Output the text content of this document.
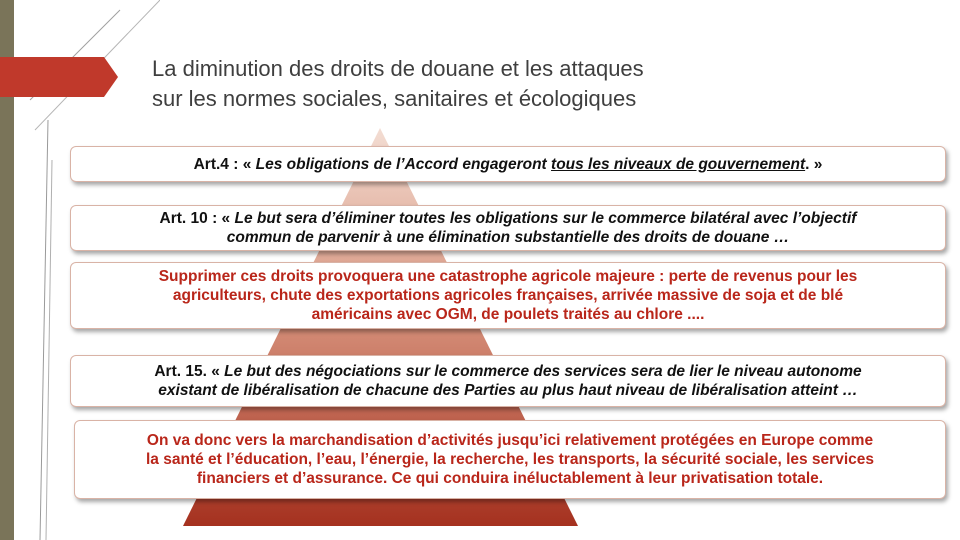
La diminution des droits de douane et les attaques
sur les normes sociales, sanitaires et écologiques
Art.4 : « Les obligations de l’Accord engageront tous les niveaux de gouvernement. »
Art. 10 : « Le but sera d’éliminer toutes les obligations sur le commerce bilatéral avec l’objectif
commun de parvenir à une élimination substantielle des droits de douane …
Supprimer ces droits provoquera une catastrophe agricole majeure : perte de revenus pour les
agriculteurs, chute des exportations agricoles françaises, arrivée massive de soja et de blé
américains avec OGM, de poulets traités au chlore ....
Art. 15. « Le but des négociations sur le commerce des services sera de lier le niveau autonome
existant de libéralisation de chacune des Parties au plus haut niveau de libéralisation atteint …
On va donc vers la marchandisation d’activités jusqu’ici relativement protégées en Europe comme
la santé et l’éducation, l’eau, l’énergie, la recherche, les transports, la sécurité sociale, les services
financiers et d’assurance. Ce qui conduira inéluctablement à leur privatisation totale.
